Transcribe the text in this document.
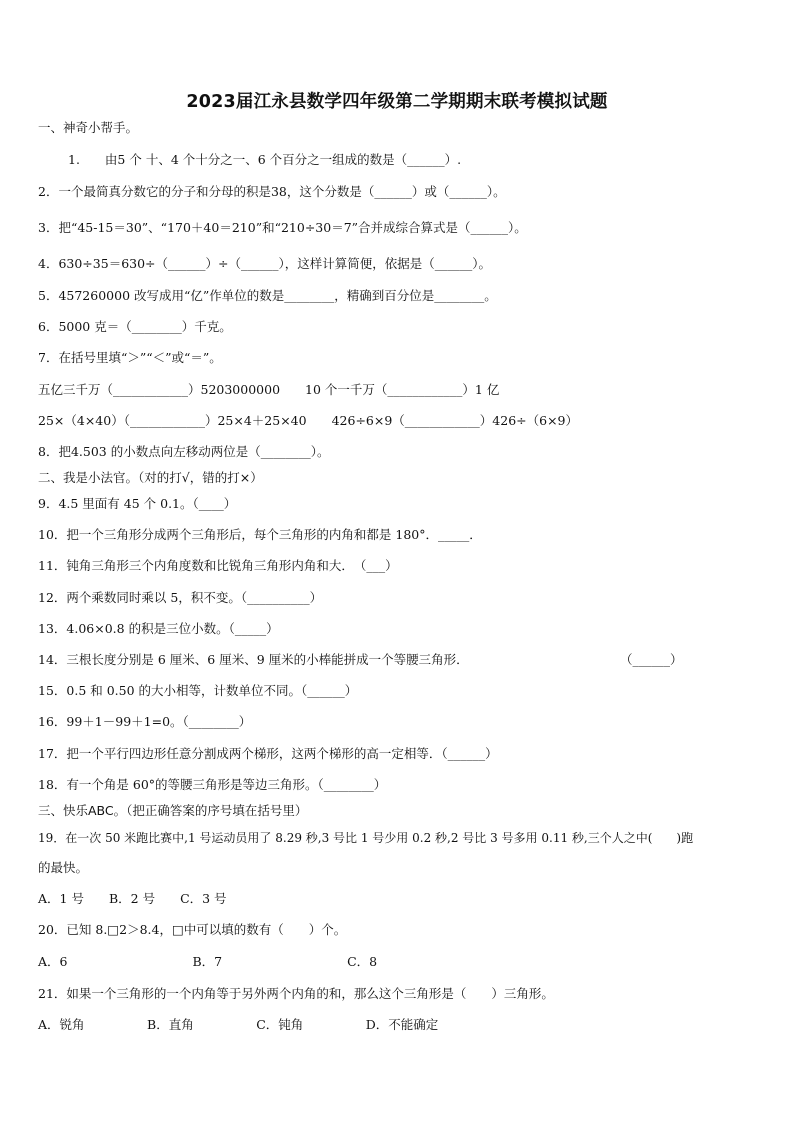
2023届江永县数学四年级第二学期期末联考模拟试题
一、神奇小帮手。
1.　　由5 个 十、4 个十分之一、6 个百分之一组成的数是（______）.
2．一个最简真分数它的分子和分母的积是38，这个分数是（______）或（______）。
3．把“45-15＝30”、“170＋40＝210”和“210÷30＝7”合并成综合算式是（______）。
4．630÷35＝630÷（______）÷（______），这样计算简便，依据是（______）。
5．457260000 改写成用“亿”作单位的数是________，精确到百分位是________。
6．5000 克＝（________）千克。
7．在括号里填“＞”“＜”或“＝”。
五亿三千万（____________）5203000000　　10 个一千万（____________）1 亿
25×（4×40）（____________）25×4＋25×40　　426÷6×9（____________）426÷（6×9）
8．把4.503 的小数点向左移动两位是（________）。
二、我是小法官。（对的打√，错的打×）
9．4.5 里面有 45 个 0.1。（____）
10．把一个三角形分成两个三角形后，每个三角形的内角和都是 180°．_____．
11．钝角三角形三个内角度数和比锐角三角形内角和大．　（___）
12．两个乘数同时乘以 5，积不变。（__________）
13．4.06×0.8 的积是三位小数。（_____）
14．三根长度分别是 6 厘米、6 厘米、9 厘米的小棒能拼成一个等腰三角形．	（______）
15．0.5 和 0.50 的大小相等，计数单位不同。（______）
16．99＋1－99＋1=0。（________）
17．把一个平行四边形任意分割成两个梯形，这两个梯形的高一定相等．（______）
18．有一个角是 60°的等腰三角形是等边三角形。（________）
三、快乐ABC。（把正确答案的序号填在括号里）
19．在一次 50 米跑比赛中,1 号运动员用了 8.29 秒,3 号比 1 号少用 0.2 秒,2 号比 3 号多用 0.11 秒,三个人之中(　　)跑
的最快。
A．1 号　　B．2 号　　C．3 号
20．已知 8.□2＞8.4，□中可以填的数有（　　）个。
A．6　　　　　　　　　　B．7　　　　　　　　　　C．8
21．如果一个三角形的一个内角等于另外两个内角的和，那么这个三角形是（　　）三角形。
A．锐角　　　　　B．直角　　　　　C．钝角　　　　　D．不能确定
